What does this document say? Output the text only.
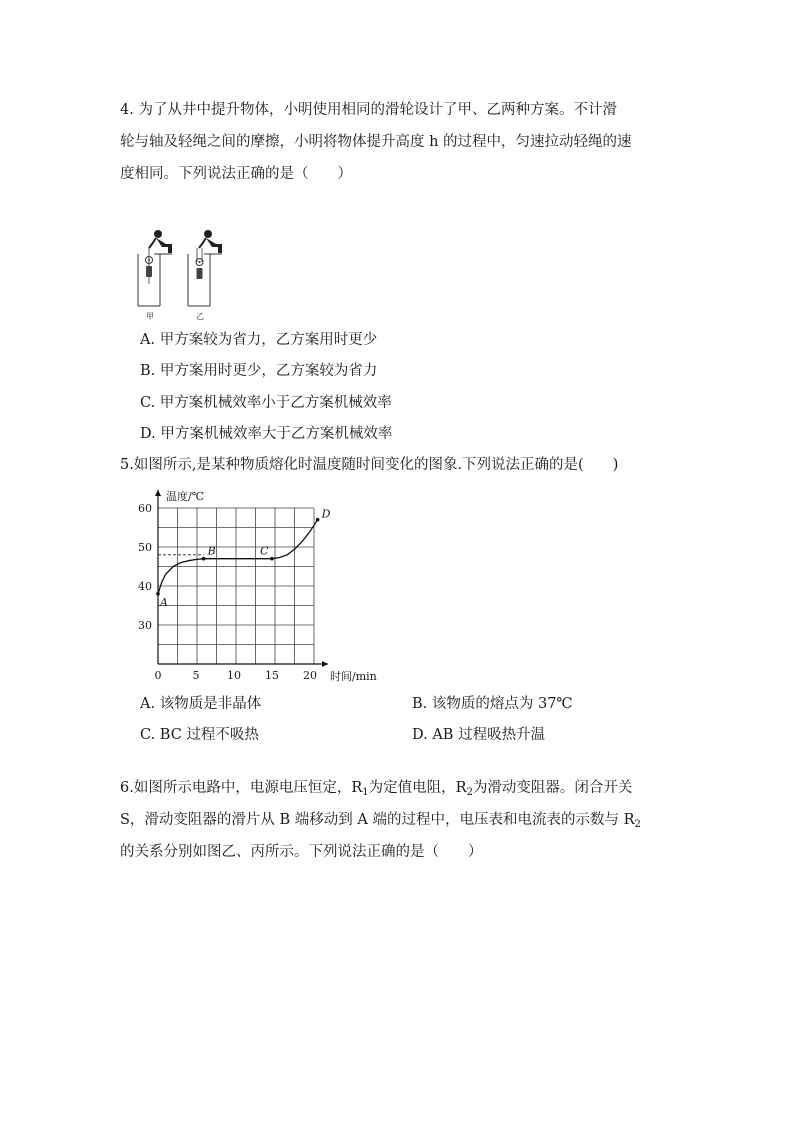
4. 为了从井中提升物体，小明使用相同的滑轮设计了甲、乙两种方案。不计滑
轮与轴及轻绳之间的摩擦，小明将物体提升高度 h 的过程中，匀速拉动轻绳的速
度相同。下列说法正确的是（　　）
甲	乙
A. 甲方案较为省力，乙方案用时更少
B. 甲方案用时更少，乙方案较为省力
C. 甲方案机械效率小于乙方案机械效率
D. 甲方案机械效率大于乙方案机械效率
5.如图所示,是某种物质熔化时温度随时间变化的图象.下列说法正确的是(　　)
0	5	10 15 20
30
40
50
60
A
B	C
D
温度/℃
时间/min
A. 该物质是非晶体	B. 该物质的熔点为 37℃
C. BC 过程不吸热	D. AB 过程吸热升温
6.如图所示电路中，电源电压恒定，$R_1$为定值电阻，$R_2$为滑动变阻器。闭合开关
S，滑动变阻器的滑片从 B 端移动到 A 端的过程中，电压表和电流表的示数与 $R_2$
的关系分别如图乙、丙所示。下列说法正确的是（　　）
